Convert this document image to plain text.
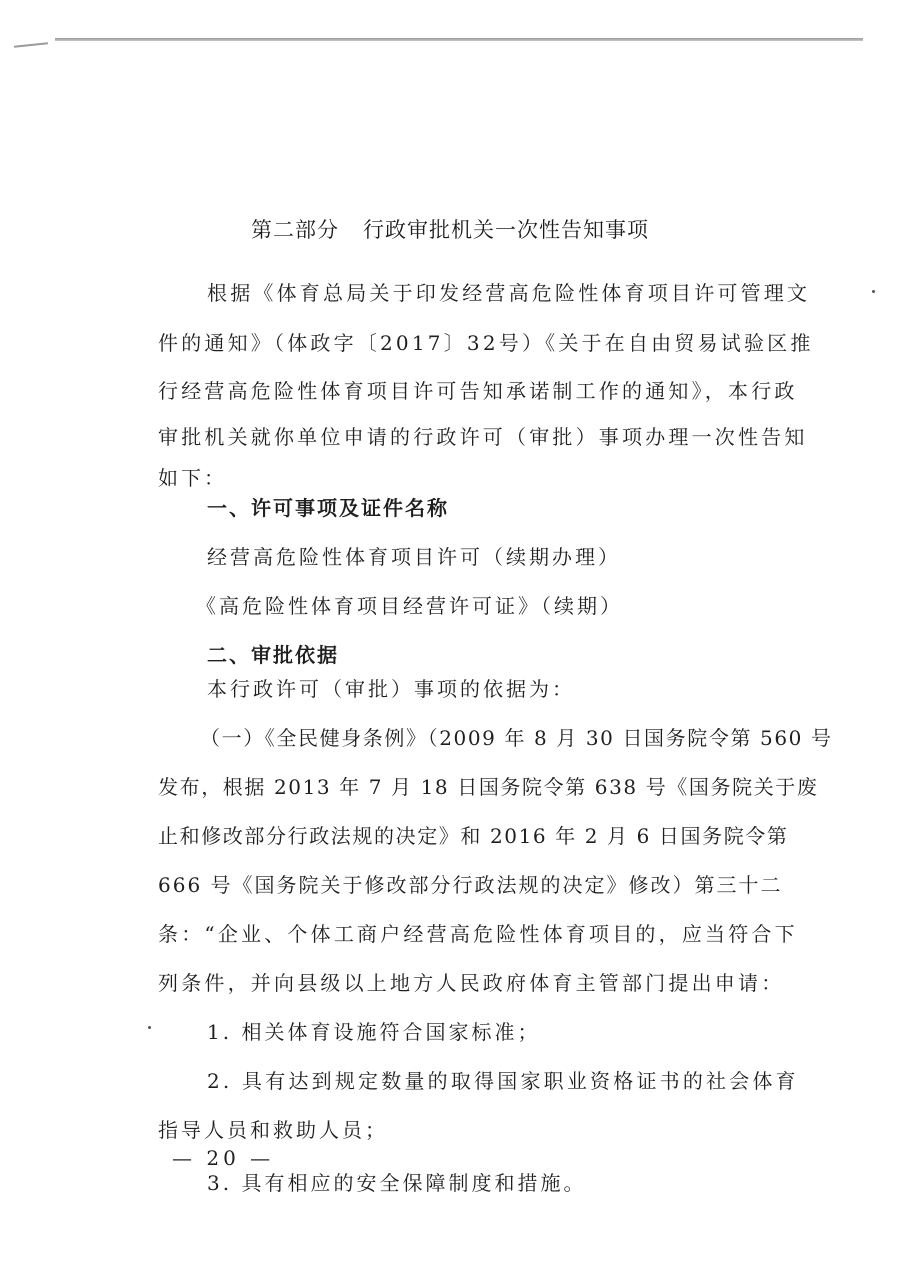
第二部分 行政审批机关一次性告知事项
根据《体育总局关于印发经营高危险性体育项目许可管理文
件的通知》（体政字〔2017〕32号）《关于在自由贸易试验区推
行经营高危险性体育项目许可告知承诺制工作的通知》，本行政
审批机关就你单位申请的行政许可（审批）事项办理一次性告知
如下：
一、许可事项及证件名称
经营高危险性体育项目许可（续期办理）
《高危险性体育项目经营许可证》（续期）
二、审批依据
本行政许可（审批）事项的依据为：
（一）《全民健身条例》（2009 年 8 月 30 日国务院令第 560 号
发布，根据 2013 年 7 月 18 日国务院令第 638 号《国务院关于废
止和修改部分行政法规的决定》和 2016 年 2 月 6 日国务院令第
666 号《国务院关于修改部分行政法规的决定》修改）第三十二
条：“企业、个体工商户经营高危险性体育项目的，应当符合下
列条件，并向县级以上地方人民政府体育主管部门提出申请：
1. 相关体育设施符合国家标准；
2. 具有达到规定数量的取得国家职业资格证书的社会体育
指导人员和救助人员；
3. 具有相应的安全保障制度和措施。
— 20 —
